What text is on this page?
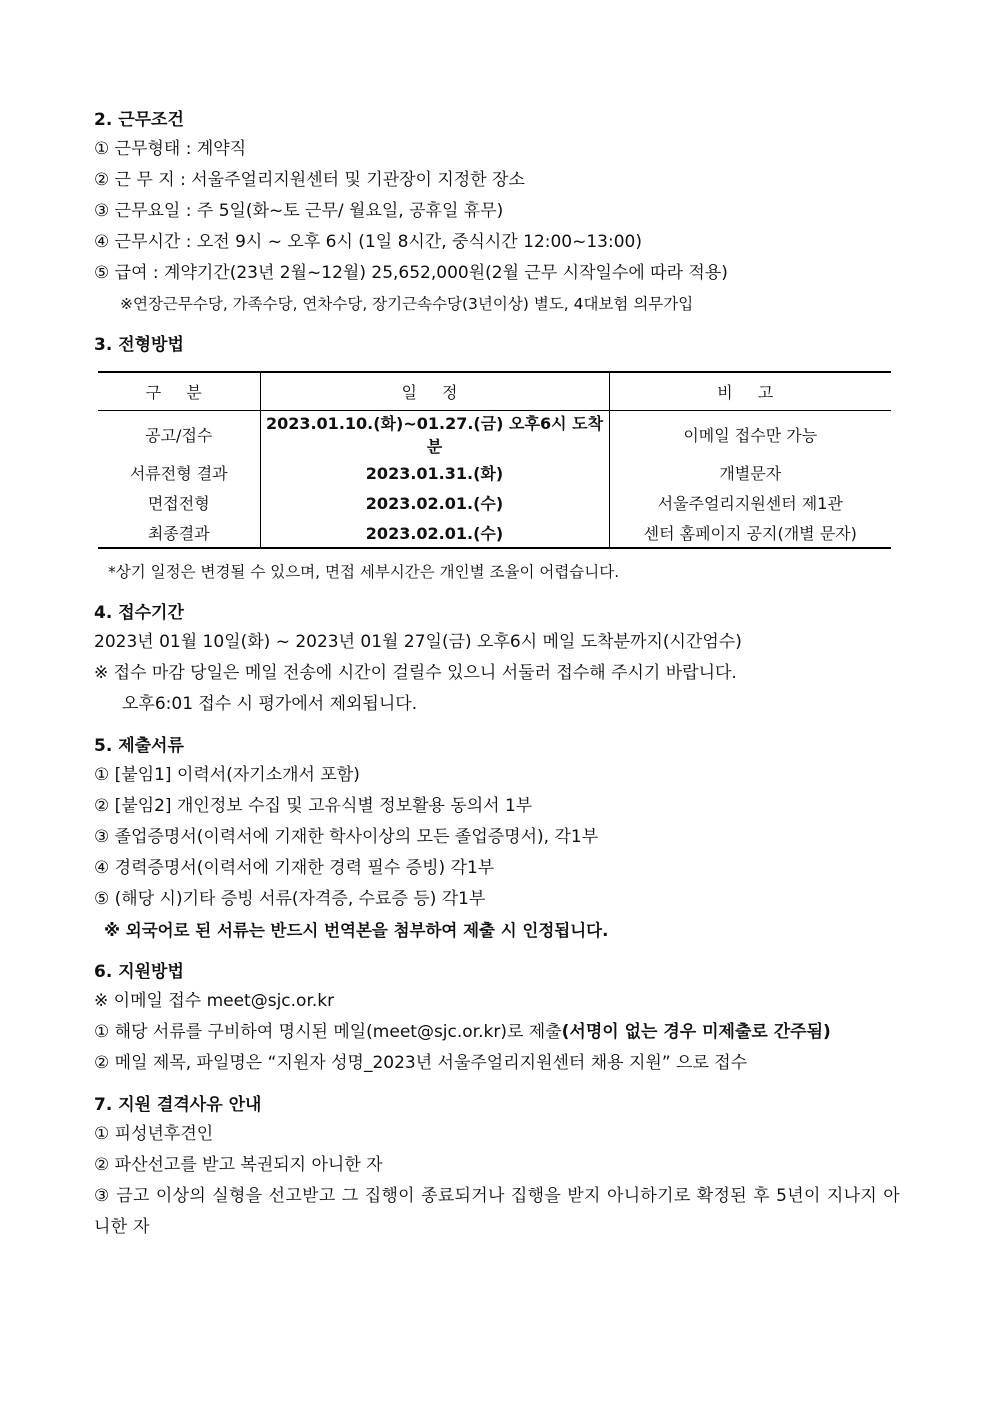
2. 근무조건

① 근무형태 : 계약직

② 근 무 지 : 서울주얼리지원센터 및 기관장이 지정한 장소

③ 근무요일 : 주 5일(화~토 근무/ 월요일, 공휴일 휴무)

④ 근무시간 : 오전 9시 ~ 오후 6시 (1일 8시간, 중식시간 12:00~13:00)

⑤ 급여 : 계약기간(23년 2월~12월) 25,652,000원(2월 근무 시작일수에 따라 적용)

※연장근무수당, 가족수당, 연차수당, 장기근속수당(3년이상) 별도, 4대보험 의무가입

3. 전형방법

구 분	일 정	비 고
공고/접수	2023.01.10.(화)~01.27.(금) 오후6시 도착분	이메일 접수만 가능
서류전형 결과	2023.01.31.(화)	개별문자
면접전형	2023.02.01.(수)	서울주얼리지원센터 제1관
최종결과	2023.02.01.(수)	센터 홈페이지 공지(개별 문자)

*상기 일정은 변경될 수 있으며, 면접 세부시간은 개인별 조율이 어렵습니다.

4. 접수기간

2023년 01월 10일(화) ~ 2023년 01월 27일(금) 오후6시 메일 도착분까지(시간엄수)

※ 접수 마감 당일은 메일 전송에 시간이 걸릴수 있으니 서둘러 접수해 주시기 바랍니다.

오후6:01 접수 시 평가에서 제외됩니다.

5. 제출서류

① [붙임1] 이력서(자기소개서 포함)

② [붙임2] 개인정보 수집 및 고유식별 정보활용 동의서 1부

③ 졸업증명서(이력서에 기재한 학사이상의 모든 졸업증명서), 각1부

④ 경력증명서(이력서에 기재한 경력 필수 증빙) 각1부

⑤ (해당 시)기타 증빙 서류(자격증, 수료증 등) 각1부

※ 외국어로 된 서류는 반드시 번역본을 첨부하여 제출 시 인정됩니다.

6. 지원방법

※ 이메일 접수 meet@sjc.or.kr

① 해당 서류를 구비하여 명시된 메일(meet@sjc.or.kr)로 제출(서명이 없는 경우 미제출로 간주됨)

② 메일 제목, 파일명은 “지원자 성명_2023년 서울주얼리지원센터 채용 지원” 으로 접수

7. 지원 결격사유 안내

① 피성년후견인

② 파산선고를 받고 복권되지 아니한 자

③ 금고 이상의 실형을 선고받고 그 집행이 종료되거나 집행을 받지 아니하기로 확정된 후 5년이 지나지 아니한 자
